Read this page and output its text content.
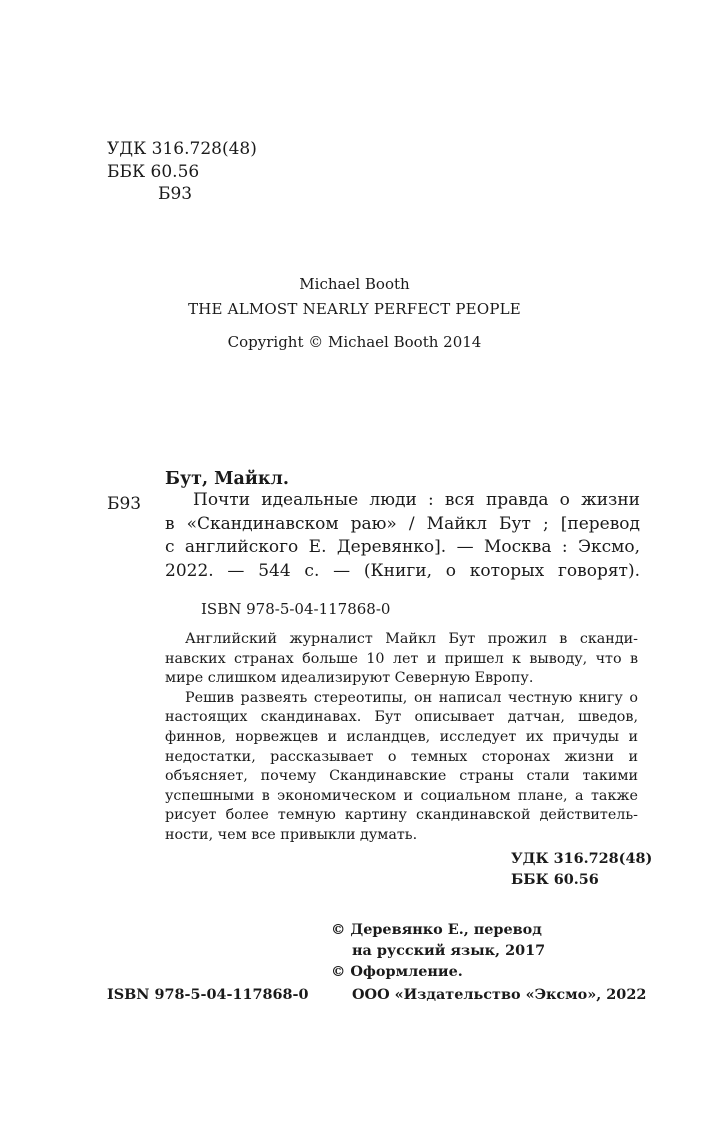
УДК 316.728(48)
ББК 60.56
Б93
Michael Booth
THE ALMOST NEARLY PERFECT PEOPLE
Copyright © Michael Booth 2014
Бут, Майкл.
Б93	Почти идеальные люди : вся правда о жизни
в «Скандинавском раю» / Майкл Бут ; [перевод
с английского Е. Деревянко]. — Москва : Эксмо,
2022. — 544 с. — (Книги, о которых говорят).
ISBN 978-5-04-117868-0

Английский журналист Майкл Бут прожил в скандинавских странах больше 10 лет и пришел к выводу, что в мире слишком идеализируют Северную Европу.

Решив развеять стереотипы, он написал честную книгу о настоящих скандинавах. Бут описывает датчан, шведов, финнов, норвежцев и исландцев, исследует их причуды и недостатки, рассказывает о темных сторонах жизни и объясняет, почему Скандинавские страны стали такими успешными в экономическом и социальном плане, а также рисует более темную картину скандинавской действительности, чем все привыкли думать.

УДК 316.728(48)
ББК 60.56
© Деревянко Е., перевод
на русский язык, 2017
© Оформление.
ООО «Издательство «Эксмо», 2022
ISBN 978-5-04-117868-0
